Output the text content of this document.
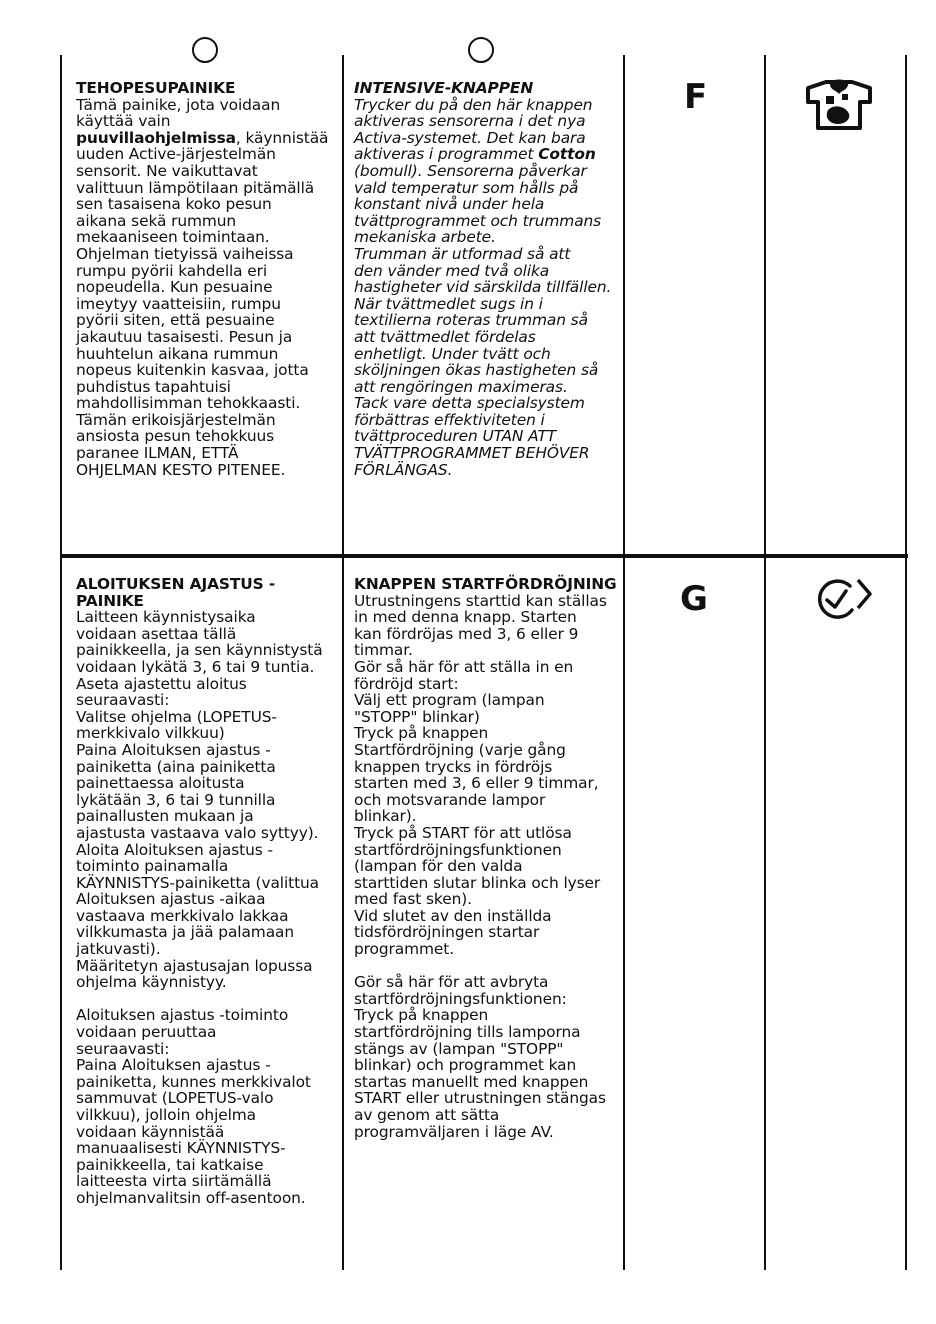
TEHOPESUPAINIKE
Tämä painike, jota voidaan
käyttää vain
puuvillaohjelmissa, käynnistää
uuden Active-järjestelmän
sensorit. Ne vaikuttavat
valittuun lämpötilaan pitämällä
sen tasaisena koko pesun
aikana sekä rummun
mekaaniseen toimintaan.
Ohjelman tietyissä vaiheissa
rumpu pyörii kahdella eri
nopeudella. Kun pesuaine
imeytyy vaatteisiin, rumpu
pyörii siten, että pesuaine
jakautuu tasaisesti. Pesun ja
huuhtelun aikana rummun
nopeus kuitenkin kasvaa, jotta
puhdistus tapahtuisi
mahdollisimman tehokkaasti.
Tämän erikoisjärjestelmän
ansiosta pesun tehokkuus
paranee ILMAN, ETTÄ
OHJELMAN KESTO PITENEE.
INTENSIVE-KNAPPEN
Trycker du på den här knappen
aktiveras sensorerna i det nya
Activa-systemet. Det kan bara
aktiveras i programmet Cotton
(bomull). Sensorerna påverkar
vald temperatur som hålls på
konstant nivå under hela
tvättprogrammet och trummans
mekaniska arbete.
Trumman är utformad så att
den vänder med två olika
hastigheter vid särskilda tillfällen.
När tvättmedlet sugs in i
textilierna roteras trumman så
att tvättmedlet fördelas
enhetligt. Under tvätt och
sköljningen ökas hastigheten så
att rengöringen maximeras.
Tack vare detta specialsystem
förbättras effektiviteten i
tvättproceduren UTAN ATT
TVÄTTPROGRAMMET BEHÖVER
FÖRLÄNGAS.
F
ALOITUKSEN AJASTUS -PAINIKE
Laitteen käynnistysaika
voidaan asettaa tällä
painikkeella, ja sen käynnistystä
voidaan lykätä 3, 6 tai 9 tuntia.
Aseta ajastettu aloitus
seuraavasti:
Valitse ohjelma (LOPETUS-
merkkivalo vilkkuu)
Paina Aloituksen ajastus -
painiketta (aina painiketta
painettaessa aloitusta
lykätään 3, 6 tai 9 tunnilla
painallusten mukaan ja
ajastusta vastaava valo syttyy).
Aloita Aloituksen ajastus -
toiminto painamalla
KÄYNNISTYS-painiketta (valittua
Aloituksen ajastus -aikaa
vastaava merkkivalo lakkaa
vilkkumasta ja jää palamaan
jatkuvasti).
Määritetyn ajastusajan lopussa
ohjelma käynnistyy.

Aloituksen ajastus -toiminto
voidaan peruuttaa
seuraavasti:
Paina Aloituksen ajastus -
painiketta, kunnes merkkivalot
sammuvat (LOPETUS-valo
vilkkuu), jolloin ohjelma
voidaan käynnistää
manuaalisesti KÄYNNISTYS-
painikkeella, tai katkaise
laitteesta virta siirtämällä
ohjelmanvalitsin off-asentoon.
KNAPPEN STARTFÖRDRÖJNING
Utrustningens starttid kan ställas
in med denna knapp. Starten
kan fördröjas med 3, 6 eller 9
timmar.
Gör så här för att ställa in en
fördröjd start:
Välj ett program (lampan
"STOPP" blinkar)
Tryck på knappen
Startfördröjning (varje gång
knappen trycks in fördröjs
starten med 3, 6 eller 9 timmar,
och motsvarande lampor
blinkar).
Tryck på START för att utlösa
startfördröjningsfunktionen
(lampan för den valda
starttiden slutar blinka och lyser
med fast sken).
Vid slutet av den inställda
tidsfördröjningen startar
programmet.

Gör så här för att avbryta
startfördröjningsfunktionen:
Tryck på knappen
startfördröjning tills lamporna
stängs av (lampan "STOPP"
blinkar) och programmet kan
startas manuellt med knappen
START eller utrustningen stängas
av genom att sätta
programväljaren i läge AV.
G
